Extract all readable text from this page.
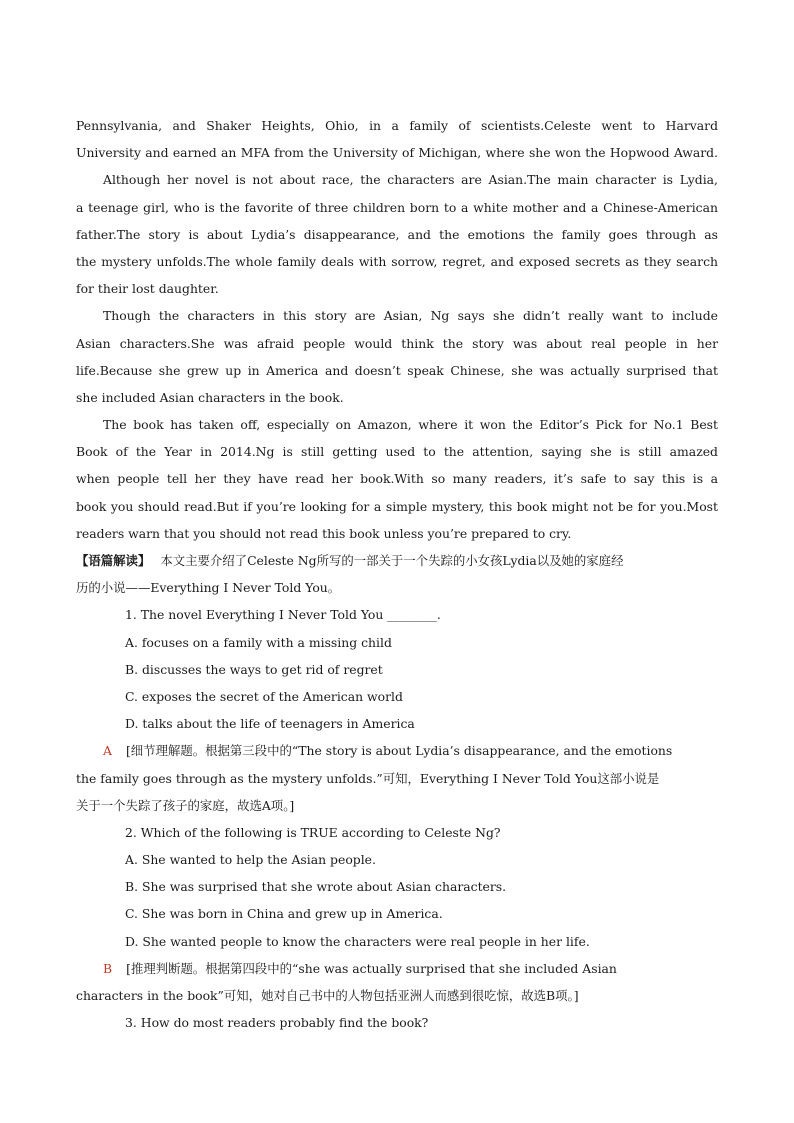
Pennsylvania, and Shaker Heights, Ohio, in a family of scientists.Celeste went to Harvard
University and earned an MFA from the University of Michigan, where she won the Hopwood Award.
Although her novel is not about race, the characters are Asian.The main character is Lydia,
a teenage girl, who is the favorite of three children born to a white mother and a Chinese-American
father.The story is about Lydia’s disappearance, and the emotions the family goes through as
the mystery unfolds.The whole family deals with sorrow, regret, and exposed secrets as they search
for their lost daughter.
Though the characters in this story are Asian, Ng says she didn’t really want to include
Asian characters.She was afraid people would think the story was about real people in her
life.Because she grew up in America and doesn’t speak Chinese, she was actually surprised that
she included Asian characters in the book.
The book has taken off, especially on Amazon, where it won the Editor’s Pick for No.1 Best
Book of the Year in 2014.Ng is still getting used to the attention, saying she is still amazed
when people tell her they have read her book.With so many readers, it’s safe to say this is a
book you should read.But if you’re looking for a simple mystery, this book might not be for you.Most
readers warn that you should not read this book unless you’re prepared to cry.
【语篇解读】 本文主要介绍了Celeste Ng所写的一部关于一个失踪的小女孩Lydia以及她的家庭经
历的小说——Everything I Never Told You。
1. The novel Everything I Never Told You ________.
A. focuses on a family with a missing child
B. discusses the ways to get rid of regret
C. exposes the secret of the American world
D. talks about the life of teenagers in America
A [细节理解题。根据第三段中的“The story is about Lydia’s disappearance, and the emotions
the family goes through as the mystery unfolds.”可知，Everything I Never Told You这部小说是
关于一个失踪了孩子的家庭，故选A项。]
2. Which of the following is TRUE according to Celeste Ng?
A. She wanted to help the Asian people.
B. She was surprised that she wrote about Asian characters.
C. She was born in China and grew up in America.
D. She wanted people to know the characters were real people in her life.
B [推理判断题。根据第四段中的“she was actually surprised that she included Asian
characters in the book”可知，她对自己书中的人物包括亚洲人而感到很吃惊，故选B项。]
3. How do most readers probably find the book?
